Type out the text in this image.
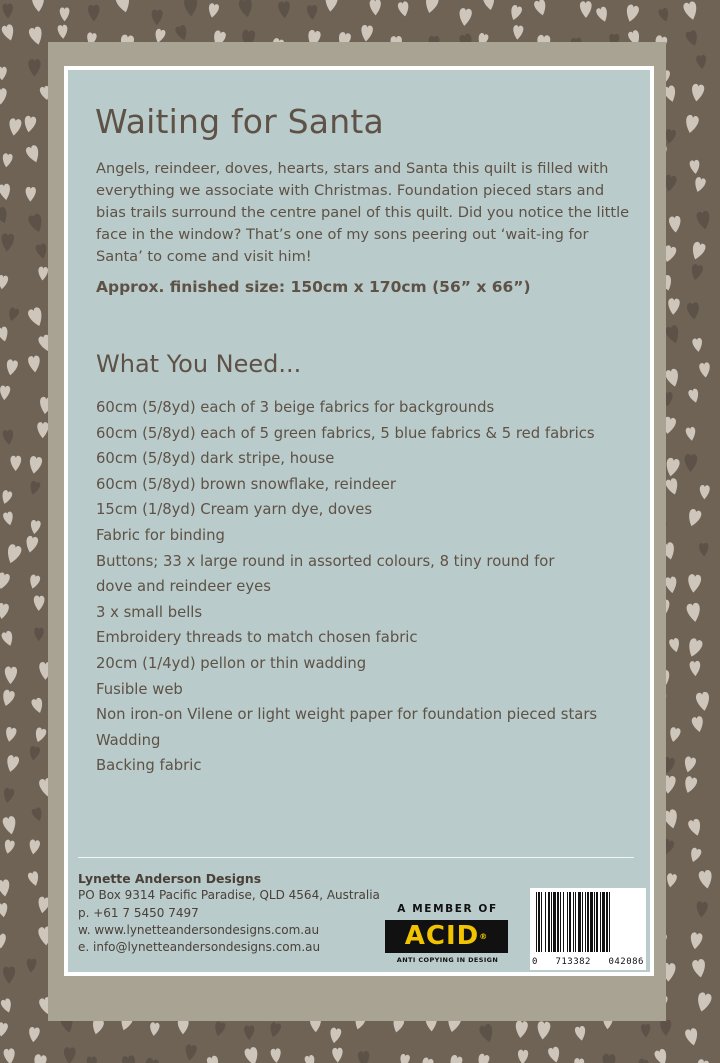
Waiting for Santa

Angels, reindeer, doves, hearts, stars and Santa this quilt is filled with everything we associate with Christmas. Foundation pieced stars and bias trails surround the centre panel of this quilt. Did you notice the little face in the window? That’s one of my sons peering out ‘wait-ing for Santa’ to come and visit him!

Approx. finished size: 150cm x 170cm (56” x 66”)

What You Need...
60cm (5/8yd) each of 3 beige fabrics for backgrounds
60cm (5/8yd) each of 5 green fabrics, 5 blue fabrics & 5 red fabrics
60cm (5/8yd) dark stripe, house
60cm (5/8yd) brown snowflake, reindeer
15cm (1/8yd) Cream yarn dye, doves
Fabric for binding
Buttons; 33 x large round in assorted colours, 8 tiny round for
dove and reindeer eyes
3 x small bells
Embroidery threads to match chosen fabric
20cm (1/4yd) pellon or thin wadding
Fusible web
Non iron-on Vilene or light weight paper for foundation pieced stars
Wadding
Backing fabric
Lynette Anderson Designs
PO Box 9314 Pacific Paradise, QLD 4564, Australia
p. +61 7 5450 7497
w. www.lynetteandersondesigns.com.au
e. info@lynetteandersondesigns.com.au
A MEMBER OF
ACID®
ANTI COPYING IN DESIGN	0 713382 042086
